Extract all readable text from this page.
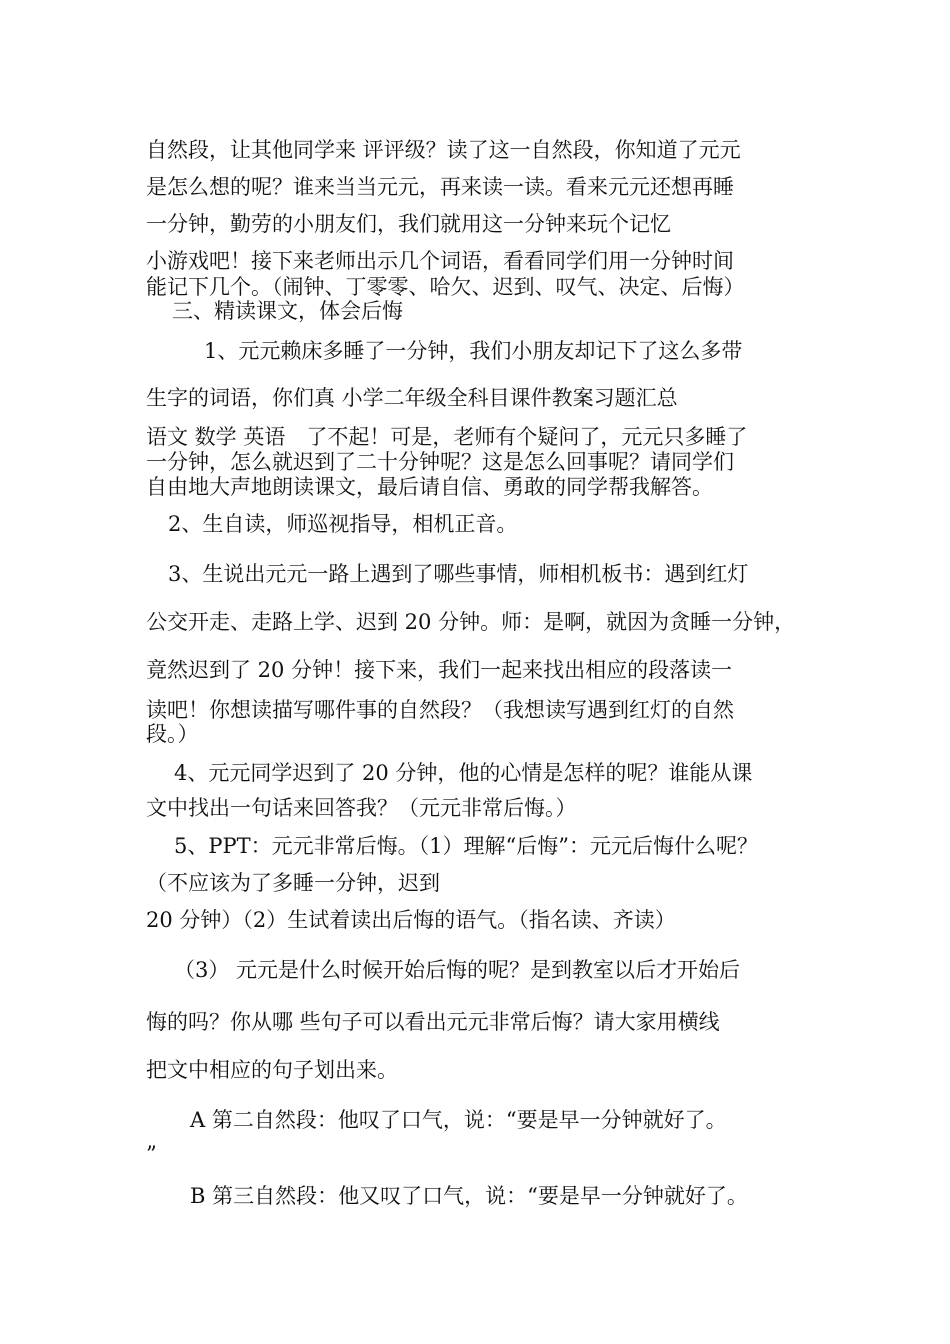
自然段，让其他同学来 评评级？读了这一自然段，你知道了元元

是怎么想的呢？谁来当当元元，再来读一读。看来元元还想再睡

一分钟，勤劳的小朋友们，我们就用这一分钟来玩个记忆

小游戏吧！接下来老师出示几个词语，看看同学们用一分钟时间

能记下几个。（闹钟、丁零零、哈欠、迟到、叹气、决定、后悔）

三、精读课文，体会后悔

1、元元赖床多睡了一分钟，我们小朋友却记下了这么多带

生字的词语，你们真 小学二年级全科目课件教案习题汇总

语文 数学 英语　了不起！可是，老师有个疑问了，元元只多睡了

一分钟，怎么就迟到了二十分钟呢？这是怎么回事呢？请同学们

自由地大声地朗读课文，最后请自信、勇敢的同学帮我解答。

2、生自读，师巡视指导，相机正音。

3、生说出元元一路上遇到了哪些事情，师相机板书：遇到红灯

公交开走、走路上学、迟到 20 分钟。师：是啊，就因为贪睡一分钟，

竟然迟到了 20 分钟！接下来，我们一起来找出相应的段落读一

读吧！你想读描写哪件事的自然段？（我想读写遇到红灯的自然

段。）

4、元元同学迟到了 20 分钟，他的心情是怎样的呢？谁能从课

文中找出一句话来回答我？（元元非常后悔。）

5、PPT：元元非常后悔。（1）理解“后悔”：元元后悔什么呢？

（不应该为了多睡一分钟，迟到

20 分钟）（2）生试着读出后悔的语气。（指名读、齐读）

（3） 元元是什么时候开始后悔的呢？是到教室以后才开始后

悔的吗？你从哪 些句子可以看出元元非常后悔？请大家用横线

把文中相应的句子划出来。

A 第二自然段：他叹了口气，说：“要是早一分钟就好了。

”

B 第三自然段：他又叹了口气，说：“要是早一分钟就好了。
